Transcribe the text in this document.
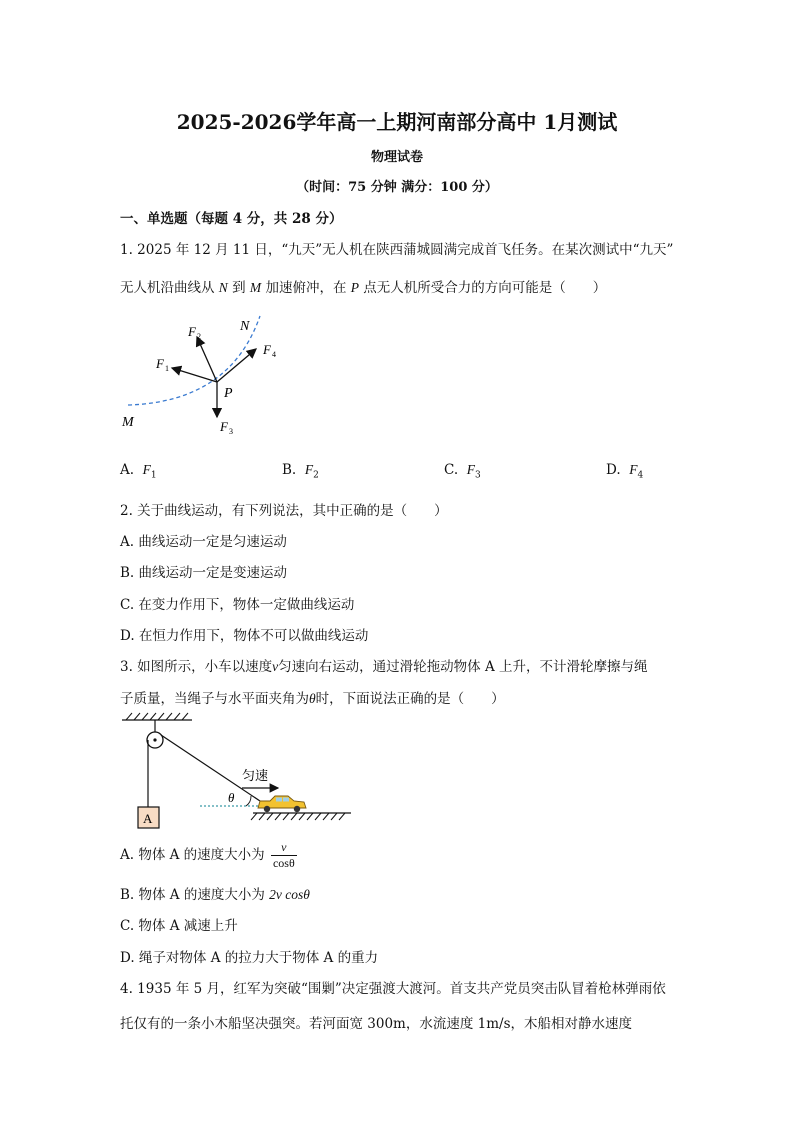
2025-2026学年高一上期河南部分高中 1月测试
物理试卷
（时间：75 分钟 满分：100 分）
一、单选题（每题 4 分，共 28 分）
1. 2025 年 12 月 11 日，“九天”无人机在陕西蒲城圆满完成首飞任务。在某次测试中“九天”
无人机沿曲线从 N 到 M 加速俯冲，在 P 点无人机所受合力的方向可能是（　　）
N
M
P
F 1
F 2
F 3
F 4
A. $F_1$	B. $F_2$	C. $F_3$	D. $F_4$
2. 关于曲线运动，有下列说法，其中正确的是（　　）
A. 曲线运动一定是匀速运动
B. 曲线运动一定是变速运动
C. 在变力作用下，物体一定做曲线运动
D. 在恒力作用下，物体不可以做曲线运动
3. 如图所示，小车以速度v匀速向右运动，通过滑轮拖动物体 A 上升，不计滑轮摩擦与绳
子质量，当绳子与水平面夹角为θ时，下面说法正确的是（　　）
A
θ
匀速
A. 物体 A 的速度大小为 $\frac{v}{\cos\theta}$
B. 物体 A 的速度大小为 2v cosθ
C. 物体 A 减速上升
D. 绳子对物体 A 的拉力大于物体 A 的重力
4. 1935 年 5 月，红军为突破“围剿”决定强渡大渡河。首支共产党员突击队冒着枪林弹雨依
托仅有的一条小木船坚决强突。若河面宽 300m，水流速度 1m/s，木船相对静水速度
